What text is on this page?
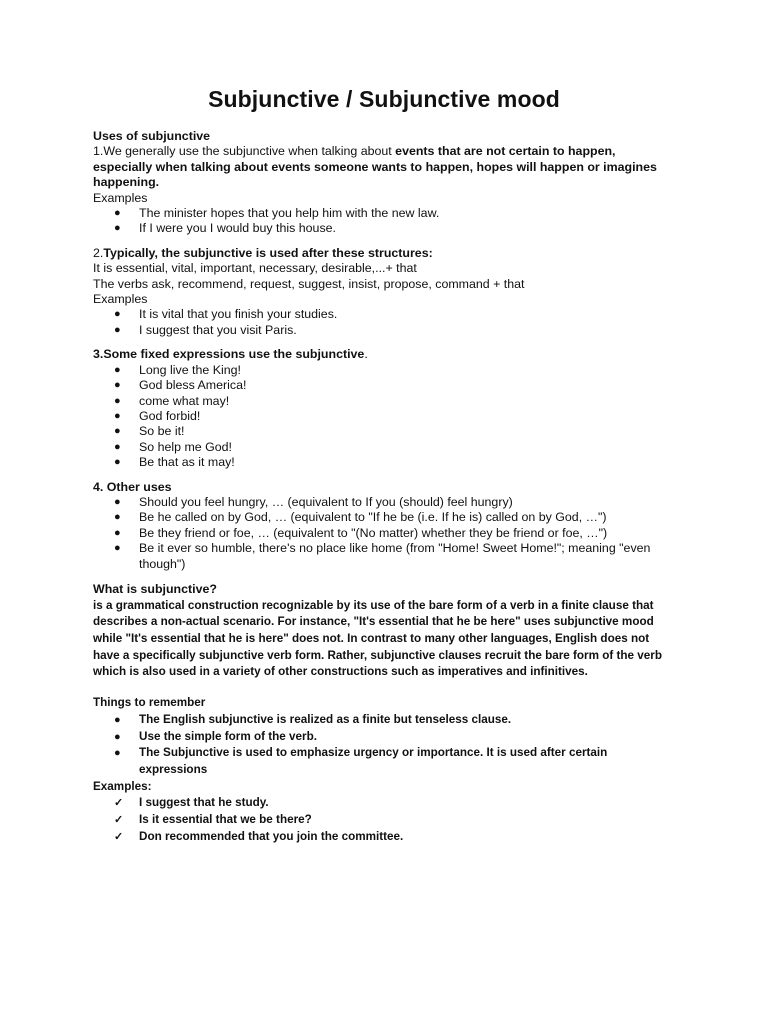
Subjunctive / Subjunctive mood

Uses of subjunctive

1.We generally use the subjunctive when talking about events that are not certain to happen, especially when talking about events someone wants to happen, hopes will happen or imagines happening.

Examples

● The minister hopes that you help him with the new law.
● If I were you I would buy this house.

2.Typically, the subjunctive is used after these structures:

It is essential, vital, important, necessary, desirable,...+ that

The verbs ask, recommend, request, suggest, insist, propose, command + that

Examples

● It is vital that you finish your studies.
● I suggest that you visit Paris.

3.Some fixed expressions use the subjunctive.

● Long live the King!
● God bless America!
● come what may!
● God forbid!
● So be it!
● So help me God!
● Be that as it may!

4. Other uses

● Should you feel hungry, … (equivalent to If you (should) feel hungry)
● Be he called on by God, … (equivalent to "If he be (i.e. If he is) called on by God, …")
● Be they friend or foe, … (equivalent to "(No matter) whether they be friend or foe, …")
● Be it ever so humble, there's no place like home (from "Home! Sweet Home!"; meaning "even though")

What is subjunctive?

is a grammatical construction recognizable by its use of the bare form of a verb in a finite clause that describes a non-actual scenario. For instance, "It's essential that he be here" uses subjunctive mood while "It's essential that he is here" does not. In contrast to many other languages, English does not have a specifically subjunctive verb form. Rather, subjunctive clauses recruit the bare form of the verb which is also used in a variety of other constructions such as imperatives and infinitives.

Things to remember

● The English subjunctive is realized as a finite but tenseless clause.
● Use the simple form of the verb.
● The Subjunctive is used to emphasize urgency or importance. It is used after certain expressions

Examples:

✓ I suggest that he study.
✓ Is it essential that we be there?
✓ Don recommended that you join the committee.
